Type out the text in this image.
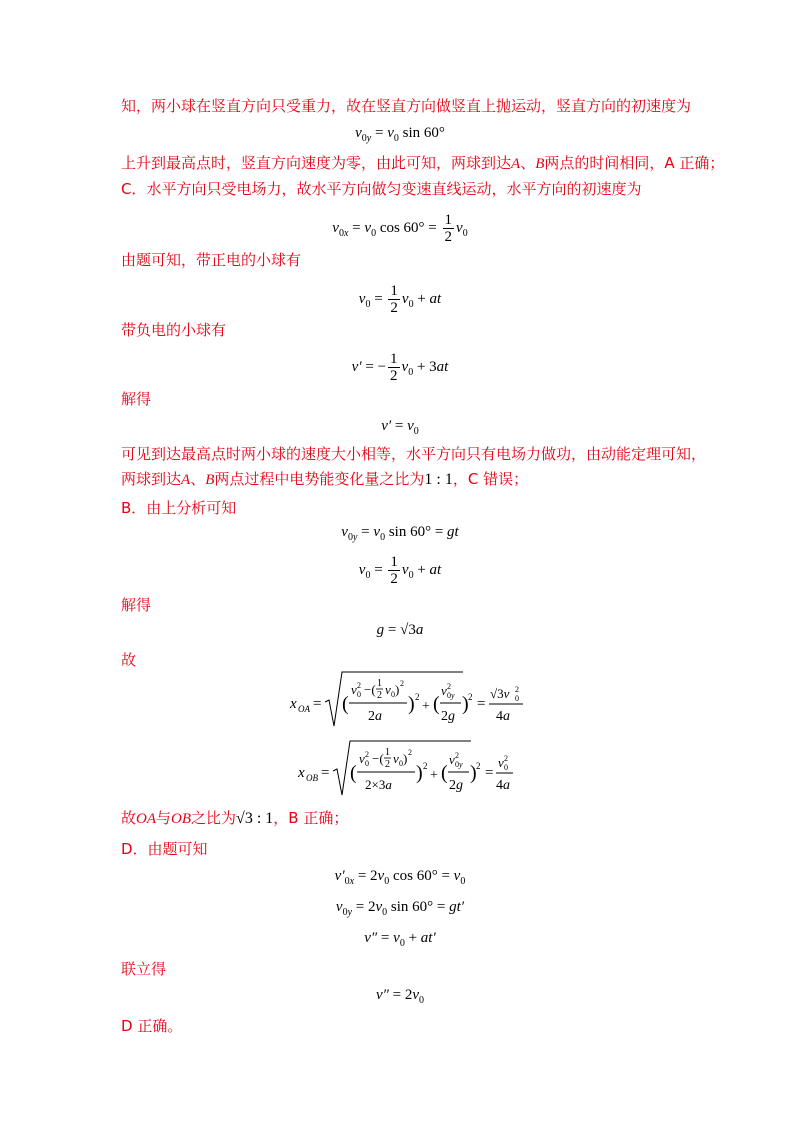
知，两小球在竖直方向只受重力，故在竖直方向做竖直上抛运动，竖直方向的初速度为
$v_{0y} = v_0$ sin 60°
上升到最高点时，竖直方向速度为零，由此可知，两球到达A、B两点的时间相同，A 正确；
C．水平方向只受电场力，故水平方向做匀变速直线运动，水平方向的初速度为
$v_{0x} = v_0$ $\cos 60^\circ = \frac{1}{2} v_0$
由题可知，带正电的小球有
$v_0 = \frac{1}{2} v_0$ + at
带负电的小球有
v′ = − $\frac{1}{2} v_0 + 3at$
解得
$v' = v_0$
可见到达最高点时两小球的速度大小相等，水平方向只有电场力做功，由动能定理可知，
两球到达A、B两点过程中电势能变化量之比为1 : 1，C 错误；
B．由上分析可知
$v_{0y} = v_0$ sin 60° = gt
$v_0 = \frac{1}{2} v_0$ + at
解得
g = √3a
故
x OA = (
v 0
2 −( 1
2 v 0 ) 2
2a
) 2
+ (
v 0y
2
2g
) 2 =
√3v 0
2
4a
x OB = (
v 0
2 −( 1
2 v 0 ) 2
2×3a
) 2
+ (
v 0y
2
2g
) 2 =
v 0
2
4a
故OA与OB之比为√3 : 1，B 正确；
D．由题可知
$v'_{0x} = 2v_0$ $\cos 60^\circ = v_0$
$v_{0y} = 2v_0$ sin 60° = gt′
$v'' = v_0 + at'$
联立得
$v'' = 2v_0$
D 正确。
